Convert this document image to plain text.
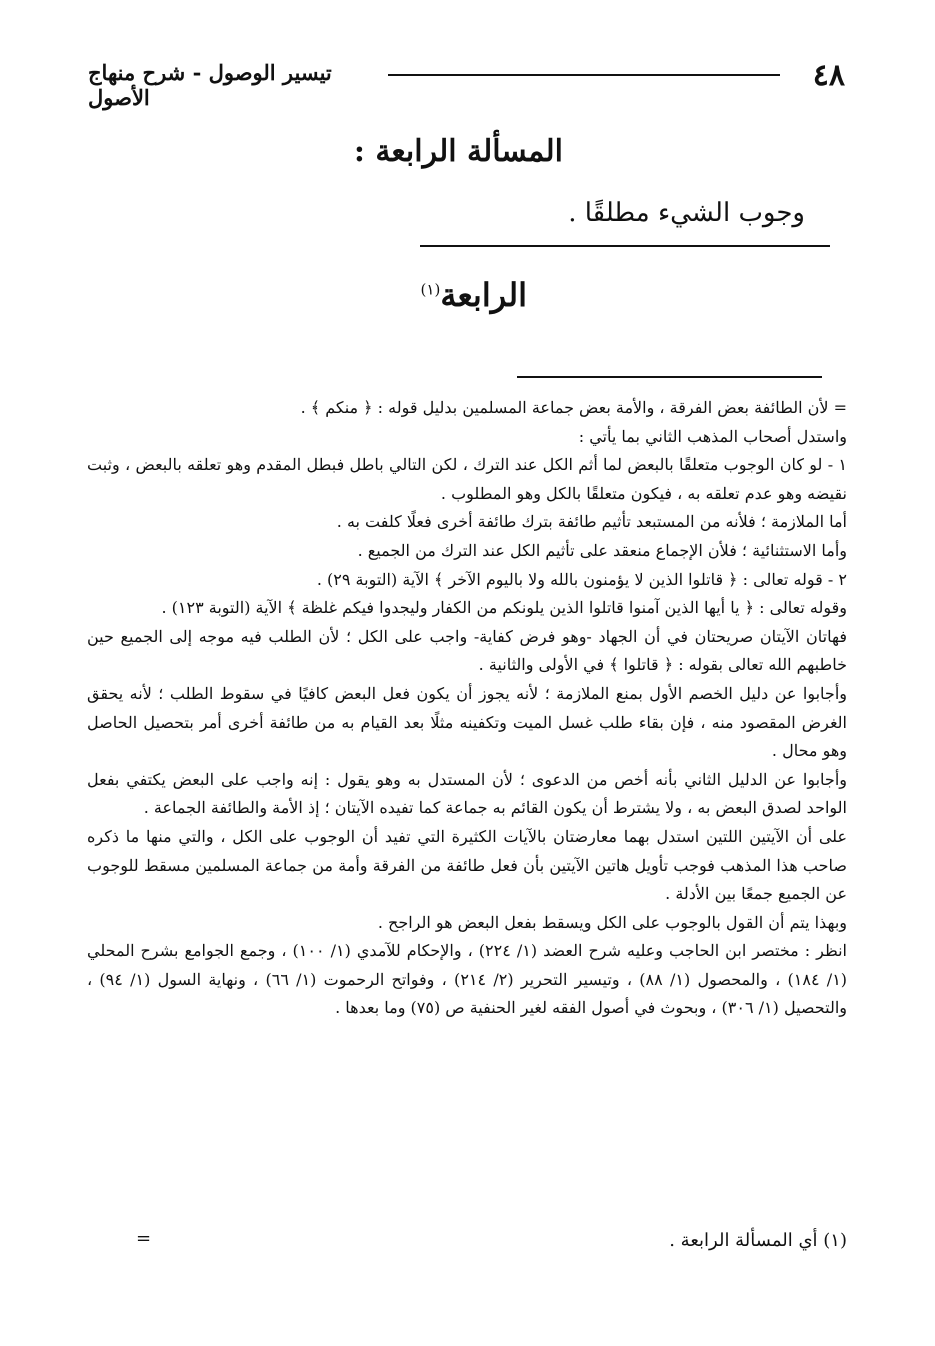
٤٨
تيسير الوصول - شرح منهاج الأصول
المسألة الرابعة :
وجوب الشيء مطلقًا .
الرابعة$^{(١)}$

= لأن الطائفة بعض الفرقة ، والأمة بعض جماعة المسلمين بدليل قوله : ﴿ منكم ﴾ .

واستدل أصحاب المذهب الثاني بما يأتي :

١ - لو كان الوجوب متعلقًا بالبعض لما أثم الكل عند الترك ، لكن التالي باطل فبطل المقدم وهو تعلقه بالبعض ، وثبت نقيضه وهو عدم تعلقه به ، فيكون متعلقًا بالكل وهو المطلوب .

أما الملازمة ؛ فلأنه من المستبعد تأثيم طائفة بترك طائفة أخرى فعلًا كلفت به .

وأما الاستثنائية ؛ فلأن الإجماع منعقد على تأثيم الكل عند الترك من الجميع .

٢ - قوله تعالى : ﴿ قاتلوا الذين لا يؤمنون بالله ولا باليوم الآخر ﴾ الآية (التوبة ٢٩) .

وقوله تعالى : ﴿ يا أيها الذين آمنوا قاتلوا الذين يلونكم من الكفار وليجدوا فيكم غلظة ﴾ الآية (التوبة ١٢٣) .

فهاتان الآيتان صريحتان في أن الجهاد -وهو فرض كفاية- واجب على الكل ؛ لأن الطلب فيه موجه إلى الجميع حين خاطبهم الله تعالى بقوله : ﴿ قاتلوا ﴾ في الأولى والثانية .

وأجابوا عن دليل الخصم الأول بمنع الملازمة ؛ لأنه يجوز أن يكون فعل البعض كافيًا في سقوط الطلب ؛ لأنه يحقق الغرض المقصود منه ، فإن بقاء طلب غسل الميت وتكفينه مثلًا بعد القيام به من طائفة أخرى أمر بتحصيل الحاصل وهو محال .

وأجابوا عن الدليل الثاني بأنه أخص من الدعوى ؛ لأن المستدل به وهو يقول : إنه واجب على البعض يكتفي بفعل الواحد لصدق البعض به ، ولا يشترط أن يكون القائم به جماعة كما تفيده الآيتان ؛ إذ الأمة والطائفة الجماعة .

على أن الآيتين اللتين استدل بهما معارضتان بالآيات الكثيرة التي تفيد أن الوجوب على الكل ، والتي منها ما ذكره صاحب هذا المذهب فوجب تأويل هاتين الآيتين بأن فعل طائفة من الفرقة وأمة من جماعة المسلمين مسقط للوجوب عن الجميع جمعًا بين الأدلة .

وبهذا يتم أن القول بالوجوب على الكل ويسقط بفعل البعض هو الراجح .

انظر : مختصر ابن الحاجب وعليه شرح العضد (١/ ٢٢٤) ، والإحكام للآمدي (١/ ١٠٠) ، وجمع الجوامع بشرح المحلي (١/ ١٨٤) ، والمحصول (١/ ٨٨) ، وتيسير التحرير (٢/ ٢١٤) ، وفواتح الرحموت (١/ ٦٦) ، ونهاية السول (١/ ٩٤) ، والتحصيل (١/ ٣٠٦) ، وبحوث في أصول الفقه لغير الحنفية ص (٧٥) وما بعدها .

=	(١) أي المسألة الرابعة .
